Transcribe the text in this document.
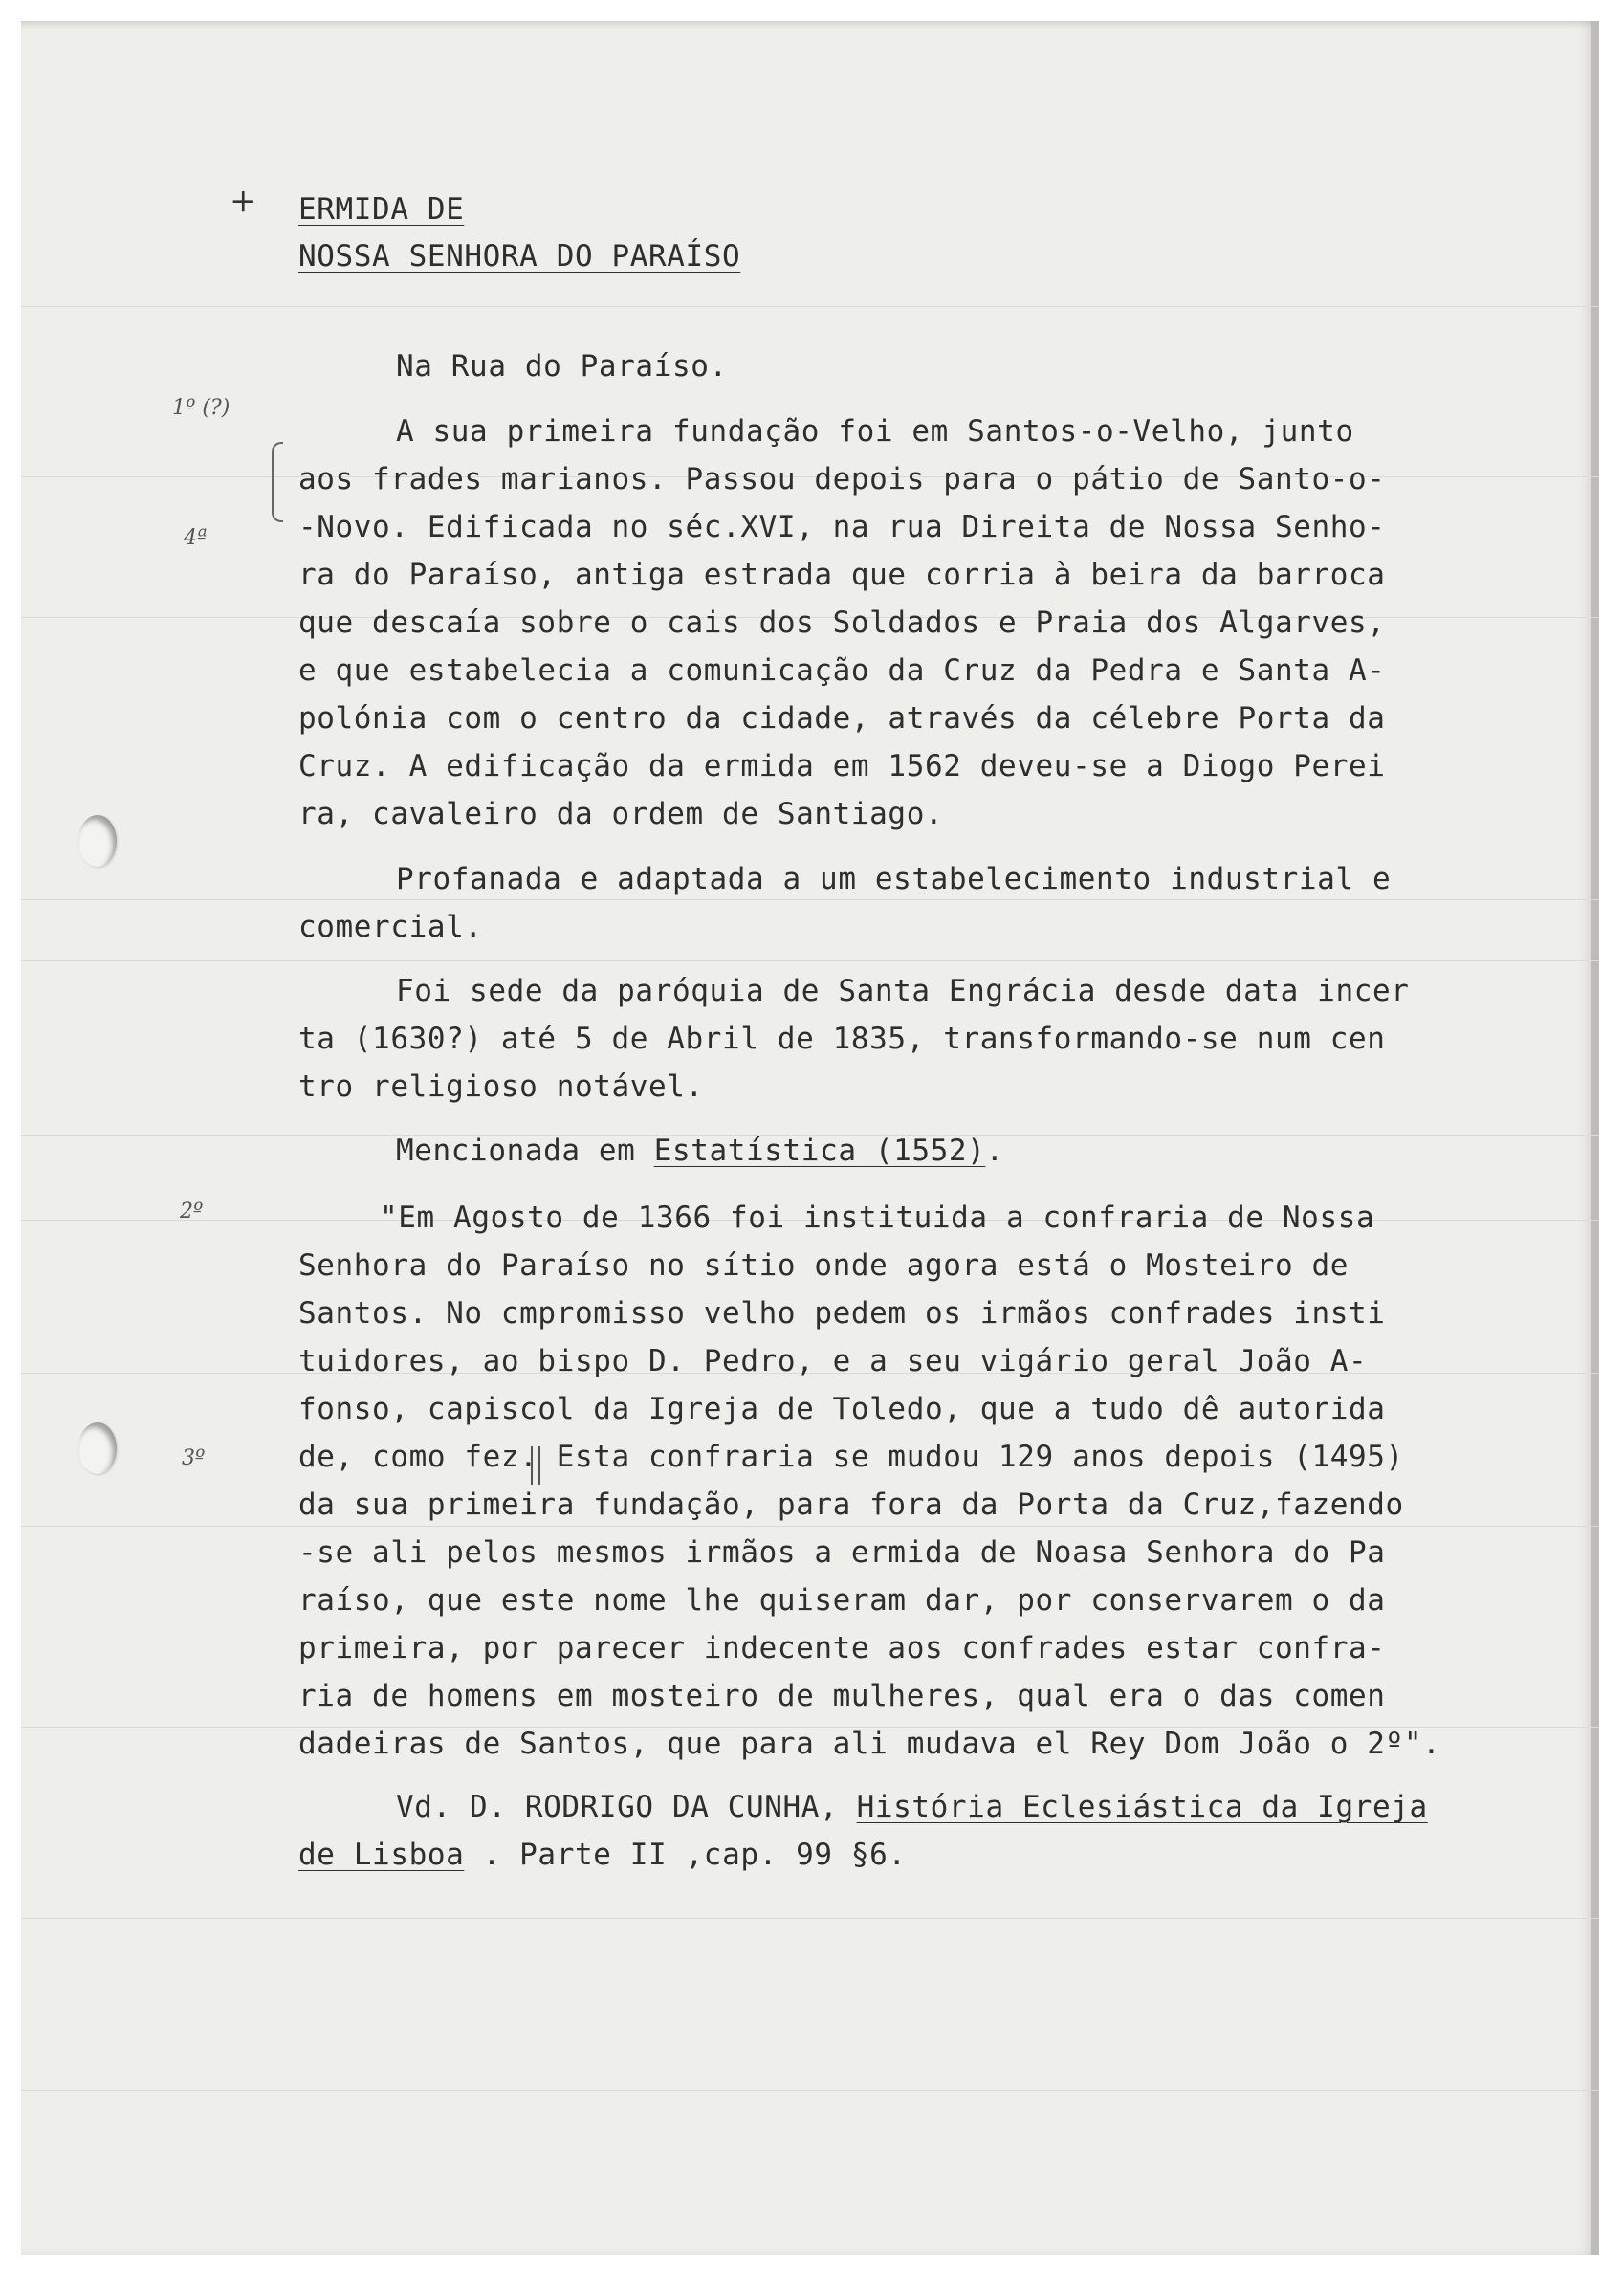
+ ERMIDA DE
NOSSA SENHORA DO PARAÍSO
1º (?)
4ª
2º
3º
Na Rua do Paraíso.
A sua primeira fundação foi em Santos-o-Velho, junto
aos frades marianos. Passou depois para o pátio de Santo-o-
-Novo. Edificada no séc.XVI, na rua Direita de Nossa Senho-
ra do Paraíso, antiga estrada que corria à beira da barroca
que descaía sobre o cais dos Soldados e Praia dos Algarves,
e que estabelecia a comunicação da Cruz da Pedra e Santa A-
polónia com o centro da cidade, através da célebre Porta da
Cruz. A edificação da ermida em 1562 deveu-se a Diogo Perei
ra, cavaleiro da ordem de Santiago.
Profanada e adaptada a um estabelecimento industrial e
comercial.
Foi sede da paróquia de Santa Engrácia desde data incer
ta (1630?) até 5 de Abril de 1835, transformando-se num cen
tro religioso notável.
Mencionada em Estatística (1552).
"Em Agosto de 1366 foi instituida a confraria de Nossa
Senhora do Paraíso no sítio onde agora está o Mosteiro de
Santos. No cmpromisso velho pedem os irmãos confrades insti
tuidores, ao bispo D. Pedro, e a seu vigário geral João A-
fonso, capiscol da Igreja de Toledo, que a tudo dê autorida
de, como fez. Esta confraria se mudou 129 anos depois (1495)
da sua primeira fundação, para fora da Porta da Cruz,fazendo
-se ali pelos mesmos irmãos a ermida de Noasa Senhora do Pa
raíso, que este nome lhe quiseram dar, por conservarem o da
primeira, por parecer indecente aos confrades estar confra-
ria de homens em mosteiro de mulheres, qual era o das comen
dadeiras de Santos, que para ali mudava el Rey Dom João o 2º".
Vd. D. RODRIGO DA CUNHA, História Eclesiástica da Igreja
de Lisboa . Parte II ,cap. 99 §6.
